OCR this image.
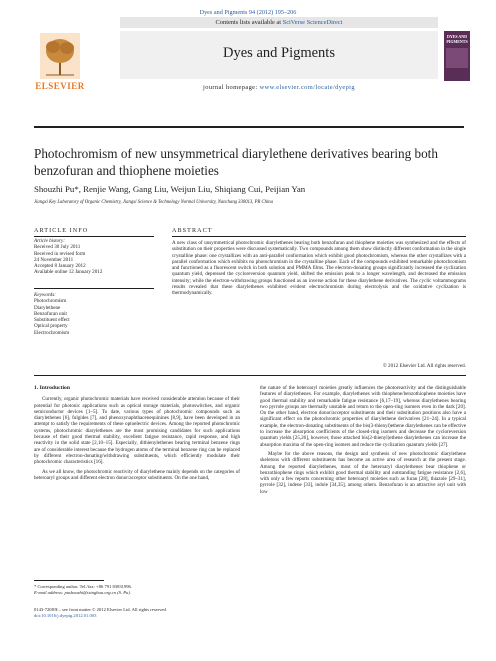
Dyes and Pigments 94 (2012) 195–206
ELSEVIER
Contents lists available at SciVerse ScienceDirect
Dyes and Pigments
journal homepage: www.elsevier.com/locate/dyepig
DYES AND PIGMENTS
Photochromism of new unsymmetrical diarylethene derivatives bearing both benzofuran and thiophene moieties
Shouzhi Pu*, Renjie Wang, Gang Liu, Weijun Liu, Shiqiang Cui, Peijian Yan
Jiangxi Key Laboratory of Organic Chemistry, Jiangxi Science & Technology Normal University, Nanchang 330013, PR China
ARTICLE INFO
Article history:
Received 30 July 2011
Received in revised form
24 November 2011
Accepted 8 January 2012
Available online 12 January 2012
Keywords:
Photochromism
Diarylethene
Benzofuran unit
Substituent effect
Optical property
Electrochromism
ABSTRACT
A new class of unsymmetrical photochromic diarylethenes bearing both benzofuran and thiophene moieties was synthesized and the effects of substitution on their properties were discussed systematically. Two compounds among them show distinctly different conformation in the single crystalline phase: one crystallizes with an anti-parallel conformation which exhibit good photochromism, whereas the other crystallizes with a parallel conformation which exhibits no photochromism in the crystalline phase. Each of the compounds exhibited remarkable photochromism and functioned as a fluorescent switch in both solution and PMMA films. The electron-donating groups significantly increased the cyclization quantum yield, depressed the cycloreversion quantum yield, shifted the emission peak to a longer wavelength, and decreased the emission intensity; while the electron-withdrawing groups functioned as an inverse action for these diarylethene derivatives. The cyclic voltammograms results revealed that these diarylethenes exhibited evident electrochromism during electrolysis and the oxidative cyclization is thermodynamically.
© 2012 Elsevier Ltd. All rights reserved.
1. Introduction

Currently, organic photochromic materials have received considerable attention because of their potential for photonic applications such as optical storage materials, photoswitches, and organic semiconductor devices [1–5]. To date, various types of photochromic compounds such as diarylethenes [6], fulgides [7], and phenoxynaphthacenequinines [8,9], have been developed in an attempt to satisfy the requirements of these optoelectric devices. Among the reported photochromic systems, photochromic diarylethenes are the most promising candidates for such applications because of their good thermal stability, excellent fatigue resistance, rapid response, and high reactivity in the solid state [2,10–15]. Especially, dithienylethenes bearing terminal benzene rings are of considerable interest because the hydrogen atoms of the terminal benzene ring can be replaced by different electron-donating/withdrawing substituents, which efficiently modulate their photochromic characteristics [16].

As we all know, the photochromic reactivity of diarylethene mainly depends on the categories of heteroaryl groups and different electron donor/acceptor substituents. On the one hand,

the nature of the heteroaryl moieties greatly influences the photoreactivity and the distinguishable features of diarylethenes. For example, diarylethenes with thiophene/benzothiophene moieties have good thermal stability and remarkable fatigue resistance [6,17–19], whereas diarylethenes bearing two pyrrole groups are thermally unstable and return to the open-ring isomers even in the dark [20]. On the other hand, electron donor/acceptor substituents and their substitution positions also have a significant effect on the photochromic properties of diarylethene derivatives [21–24]. In a typical example, the electron-donating substituents of the bis(3-thienyl)ethene diarylethenes can be effective to increase the absorption coefficients of the closed-ring isomers and decrease the cycloreversion quantum yields [25,26], however, those attached bis(2-thienyl)ethene diarylethenes can increase the absorption maxima of the open-ring isomers and reduce the cyclization quantum yields [27].

Maybe for the above reasons, the design and synthesis of new photochromic diarylethene skeletons with different substituents has become an active area of research at the present stage. Among the reported diarylethenes, most of the heteroaryl diarylethenes bear thiophene or benzothiophene rings which exhibit good thermal stability and outstanding fatigue resistance [2,6], with only a few reports concerning other heteroaryl moieties such as furan [28], thiazole [29–31], pyrrole [32], indene [33], indole [34,35], among others. Benzofuran is an attractive aryl unit with low

* Corresponding author. Tel./fax: +86 791 83831996.
E-mail address: pushouzhi@tsinghua.org.cn (S. Pu).
0143-7208/$ – see front matter © 2012 Elsevier Ltd. All rights reserved.
doi:10.1016/j.dyepig.2012.01.003
